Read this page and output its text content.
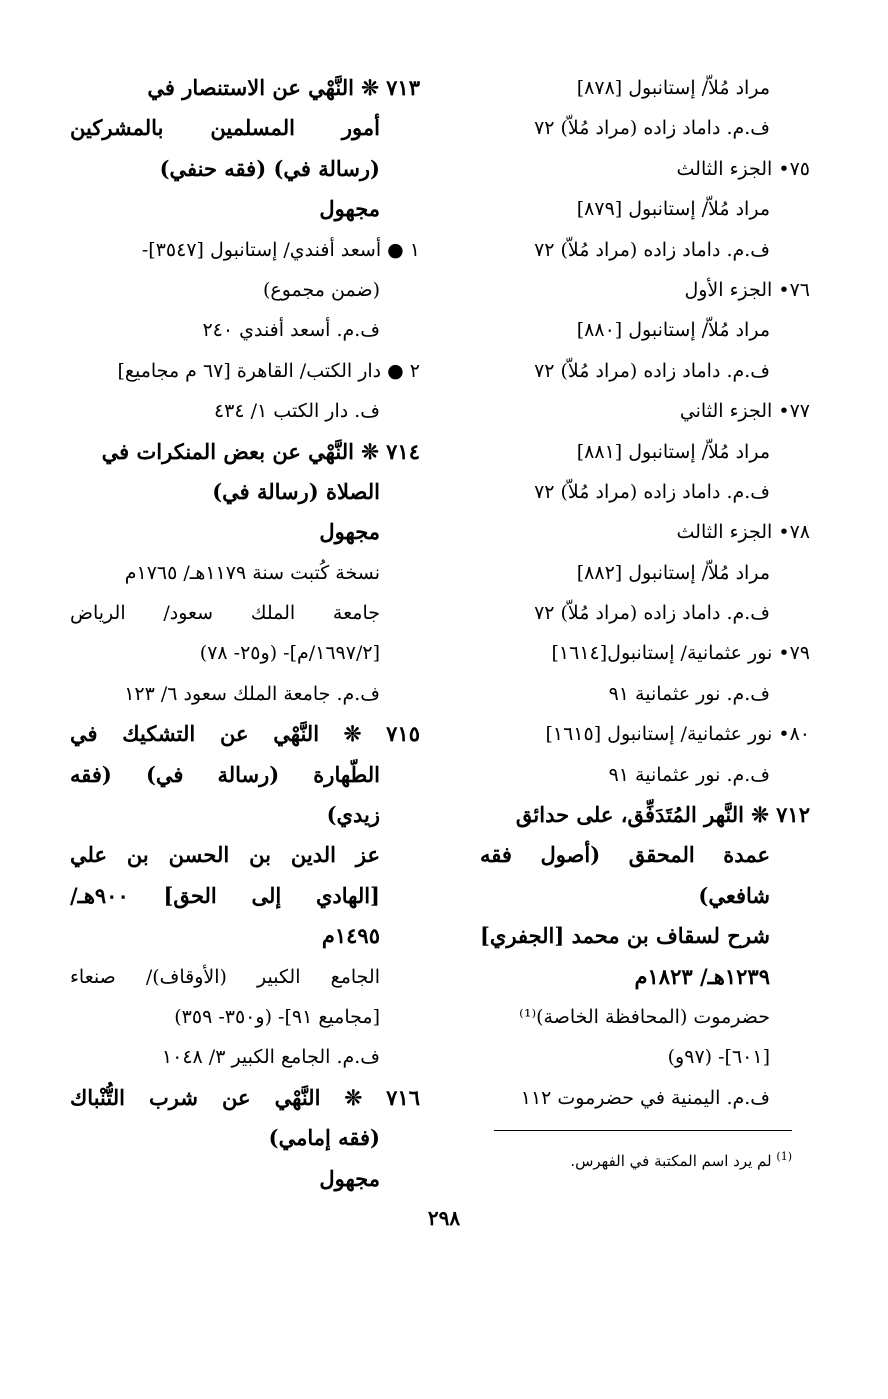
مراد مُلاّ/ إستانبول [٨٧٨]
ف.م. داماد زاده (مراد مُلاّ) ٧٢
٧٥• الجزء الثالث
مراد مُلاّ/ إستانبول [٨٧٩]
ف.م. داماد زاده (مراد مُلاّ) ٧٢
٧٦• الجزء الأول
مراد مُلاّ/ إستانبول [٨٨٠]
ف.م. داماد زاده (مراد مُلاّ) ٧٢
٧٧• الجزء الثاني
مراد مُلاّ/ إستانبول [٨٨١]
ف.م. داماد زاده (مراد مُلاّ) ٧٢
٧٨• الجزء الثالث
مراد مُلاّ/ إستانبول [٨٨٢]
ف.م. داماد زاده (مراد مُلاّ) ٧٢
٧٩• نور عثمانية/ إستانبول[١٦١٤]
ف.م. نور عثمانية ٩١
٨٠• نور عثمانية/ إستانبول [١٦١٥]
ف.م. نور عثمانية ٩١
٧١٢ ❊ النَّهر المُتَدَفِّق، على حدائق
عمدة المحقق (أصول فقه
شافعي)
شرح لسقاف بن محمد [الجفري]
١٢٣٩هـ/ ١٨٢٣م
حضرموت (المحافظة الخاصة)⁽¹⁾
[٦٠١]- (٩٧و)
ف.م. اليمنية في حضرموت ١١٢
٧١٣ ❊ النَّهْي عن الاستنصار في
أمور المسلمين بالمشركين
(رسالة في) (فقه حنفي)
مجهول
١ ● أسعد أفندي/ إستانبول [٣٥٤٧]-
(ضمن مجموع)
ف.م. أسعد أفندي ٢٤٠
٢ ● دار الكتب/ القاهرة [٦٧ م مجاميع]
ف. دار الكتب ١/ ٤٣٤
٧١٤ ❊ النَّهْي عن بعض المنكرات في
الصلاة (رسالة في)
مجهول
نسخة كُتبت سنة ١١٧٩هـ/ ١٧٦٥م
جامعة الملك سعود/ الرياض
[١٦٩٧/٢/م]- (و٢٥- ٧٨)
ف.م. جامعة الملك سعود ٦/ ١٢٣
٧١٥ ❊ النَّهْي عن التشكيك في
الطّهارة (رسالة في) (فقه
زيدي)
عز الدين بن الحسن بن علي
[الهادي إلى الحق] ٩٠٠هـ/
١٤٩٥م
الجامع الكبير (الأوقاف)/ صنعاء
[مجاميع ٩١]- (و٣٥٠- ٣٥٩)
ف.م. الجامع الكبير ٣/ ١٠٤٨
٧١٦ ❊ النَّهْي عن شرب التُّنْباك
(فقه إمامي)
مجهول
$^{(1)}$ لم يرد اسم المكتبة في الفهرس.
٢٩٨
